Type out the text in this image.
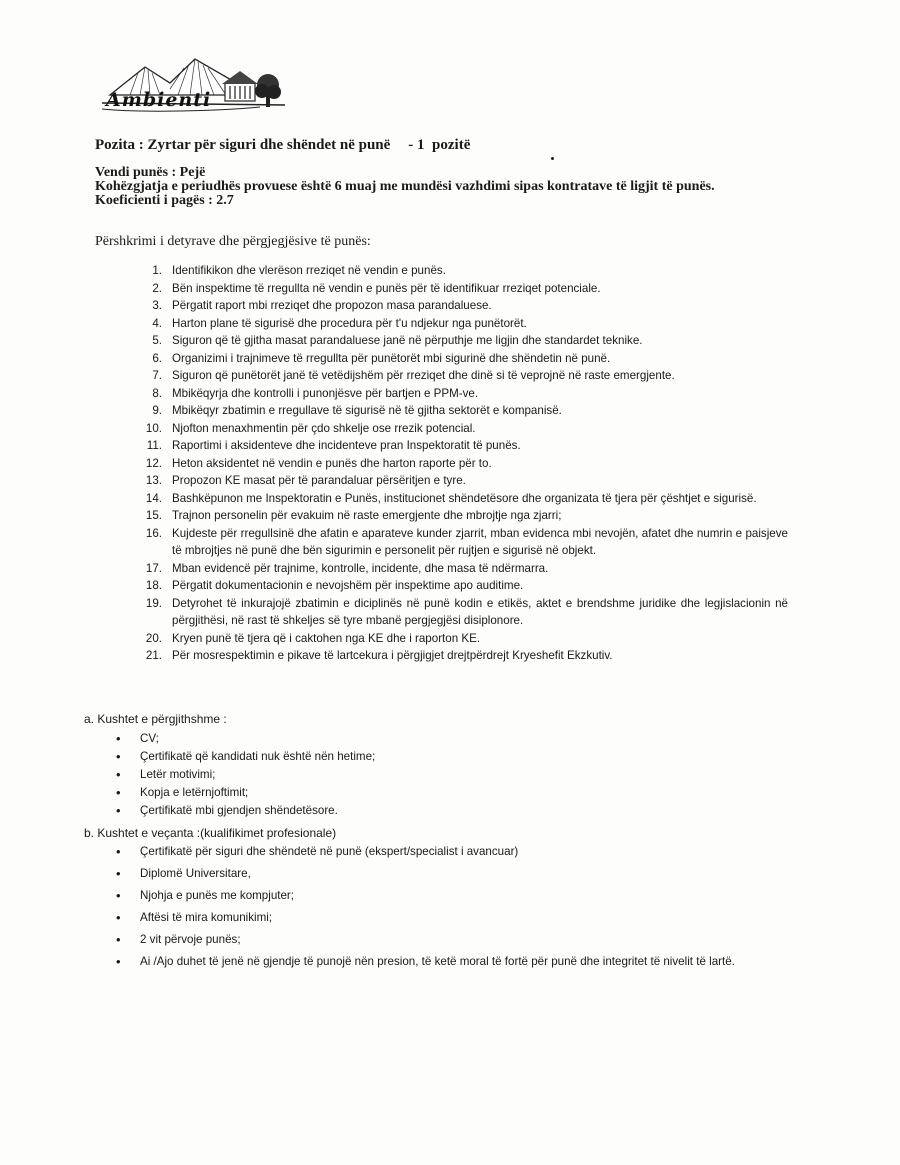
Ambienti
Pozita : Zyrtar për siguri dhe shëndet në punë - 1 pozitë
Vendi punës : Pejë
Kohëzgjatja e periudhës provuese është 6 muaj me mundësi vazhdimi sipas kontratave të ligjit të punës.
Koeficienti i pagës : 2.7
Përshkrimi i detyrave dhe përgjegjësive të punës:
1. Identifikikon dhe vlerëson rreziqet në vendin e punës.
2. Bën inspektime të rregullta në vendin e punës për të identifikuar rreziqet potenciale.
3. Përgatit raport mbi rreziqet dhe propozon masa parandaluese.
4. Harton plane të sigurisë dhe procedura për t'u ndjekur nga punëtorët.
5. Siguron që të gjitha masat parandaluese janë në përputhje me ligjin dhe standardet teknike.
6. Organizimi i trajnimeve të rregullta për punëtorët mbi sigurinë dhe shëndetin në punë.
7. Siguron që punëtorët janë të vetëdijshëm për rreziqet dhe dinë si të veprojnë në raste emergjente.
8. Mbikëqyrja dhe kontrolli i punonjësve për bartjen e PPM-ve.
9. Mbikëqyr zbatimin e rregullave të sigurisë në të gjitha sektorët e kompanisë.
10. Njofton menaxhmentin për çdo shkelje ose rrezik potencial.
11. Raportimi i aksidenteve dhe incidenteve pran Inspektoratit të punës.
12. Heton aksidentet në vendin e punës dhe harton raporte për to.
13. Propozon KE masat për të parandaluar përsëritjen e tyre.
14. Bashkëpunon me Inspektoratin e Punës, institucionet shëndetësore dhe organizata të tjera për çështjet e sigurisë.
15. Trajnon personelin për evakuim në raste emergjente dhe mbrojtje nga zjarri;
16. Kujdeste për rregullsinë dhe afatin e aparateve kunder zjarrit, mban evidenca mbi nevojën, afatet dhe numrin e paisjeve të mbrojtjes në punë dhe bën sigurimin e personelit për rujtjen e sigurisë në objekt.
17. Mban evidencë për trajnime, kontrolle, incidente, dhe masa të ndërmarra.
18. Përgatit dokumentacionin e nevojshëm për inspektime apo auditime.
19. Detyrohet të inkurajojë zbatimin e diciplinës në punë kodin e etikës, aktet e brendshme juridike dhe legjislacionin në përgjithësi, në rast të shkeljes së tyre mbanë pergjegjësi disiplonore.
20. Kryen punë të tjera që i caktohen nga KE dhe i raporton KE.
21. Për mosrespektimin e pikave të lartcekura i përgjigjet drejtpërdrejt Kryeshefit Ekzkutiv.
a. Kushtet e përgjithshme :
• CV;
• Çertifikatë që kandidati nuk është nën hetime;
• Letër motivimi;
• Kopja e letërnjoftimit;
• Çertifikatë mbi gjendjen shëndetësore.
b. Kushtet e veçanta :(kualifikimet profesionale)
• Çertifikatë për siguri dhe shëndetë në punë (ekspert/specialist i avancuar)
• Diplomë Universitare,
• Njohja e punës me kompjuter;
• Aftësi të mira komunikimi;
• 2 vit përvoje punës;
• Ai /Ajo duhet të jenë në gjendje të punojë nën presion, të ketë moral të fortë për punë dhe integritet të nivelit të lartë.
